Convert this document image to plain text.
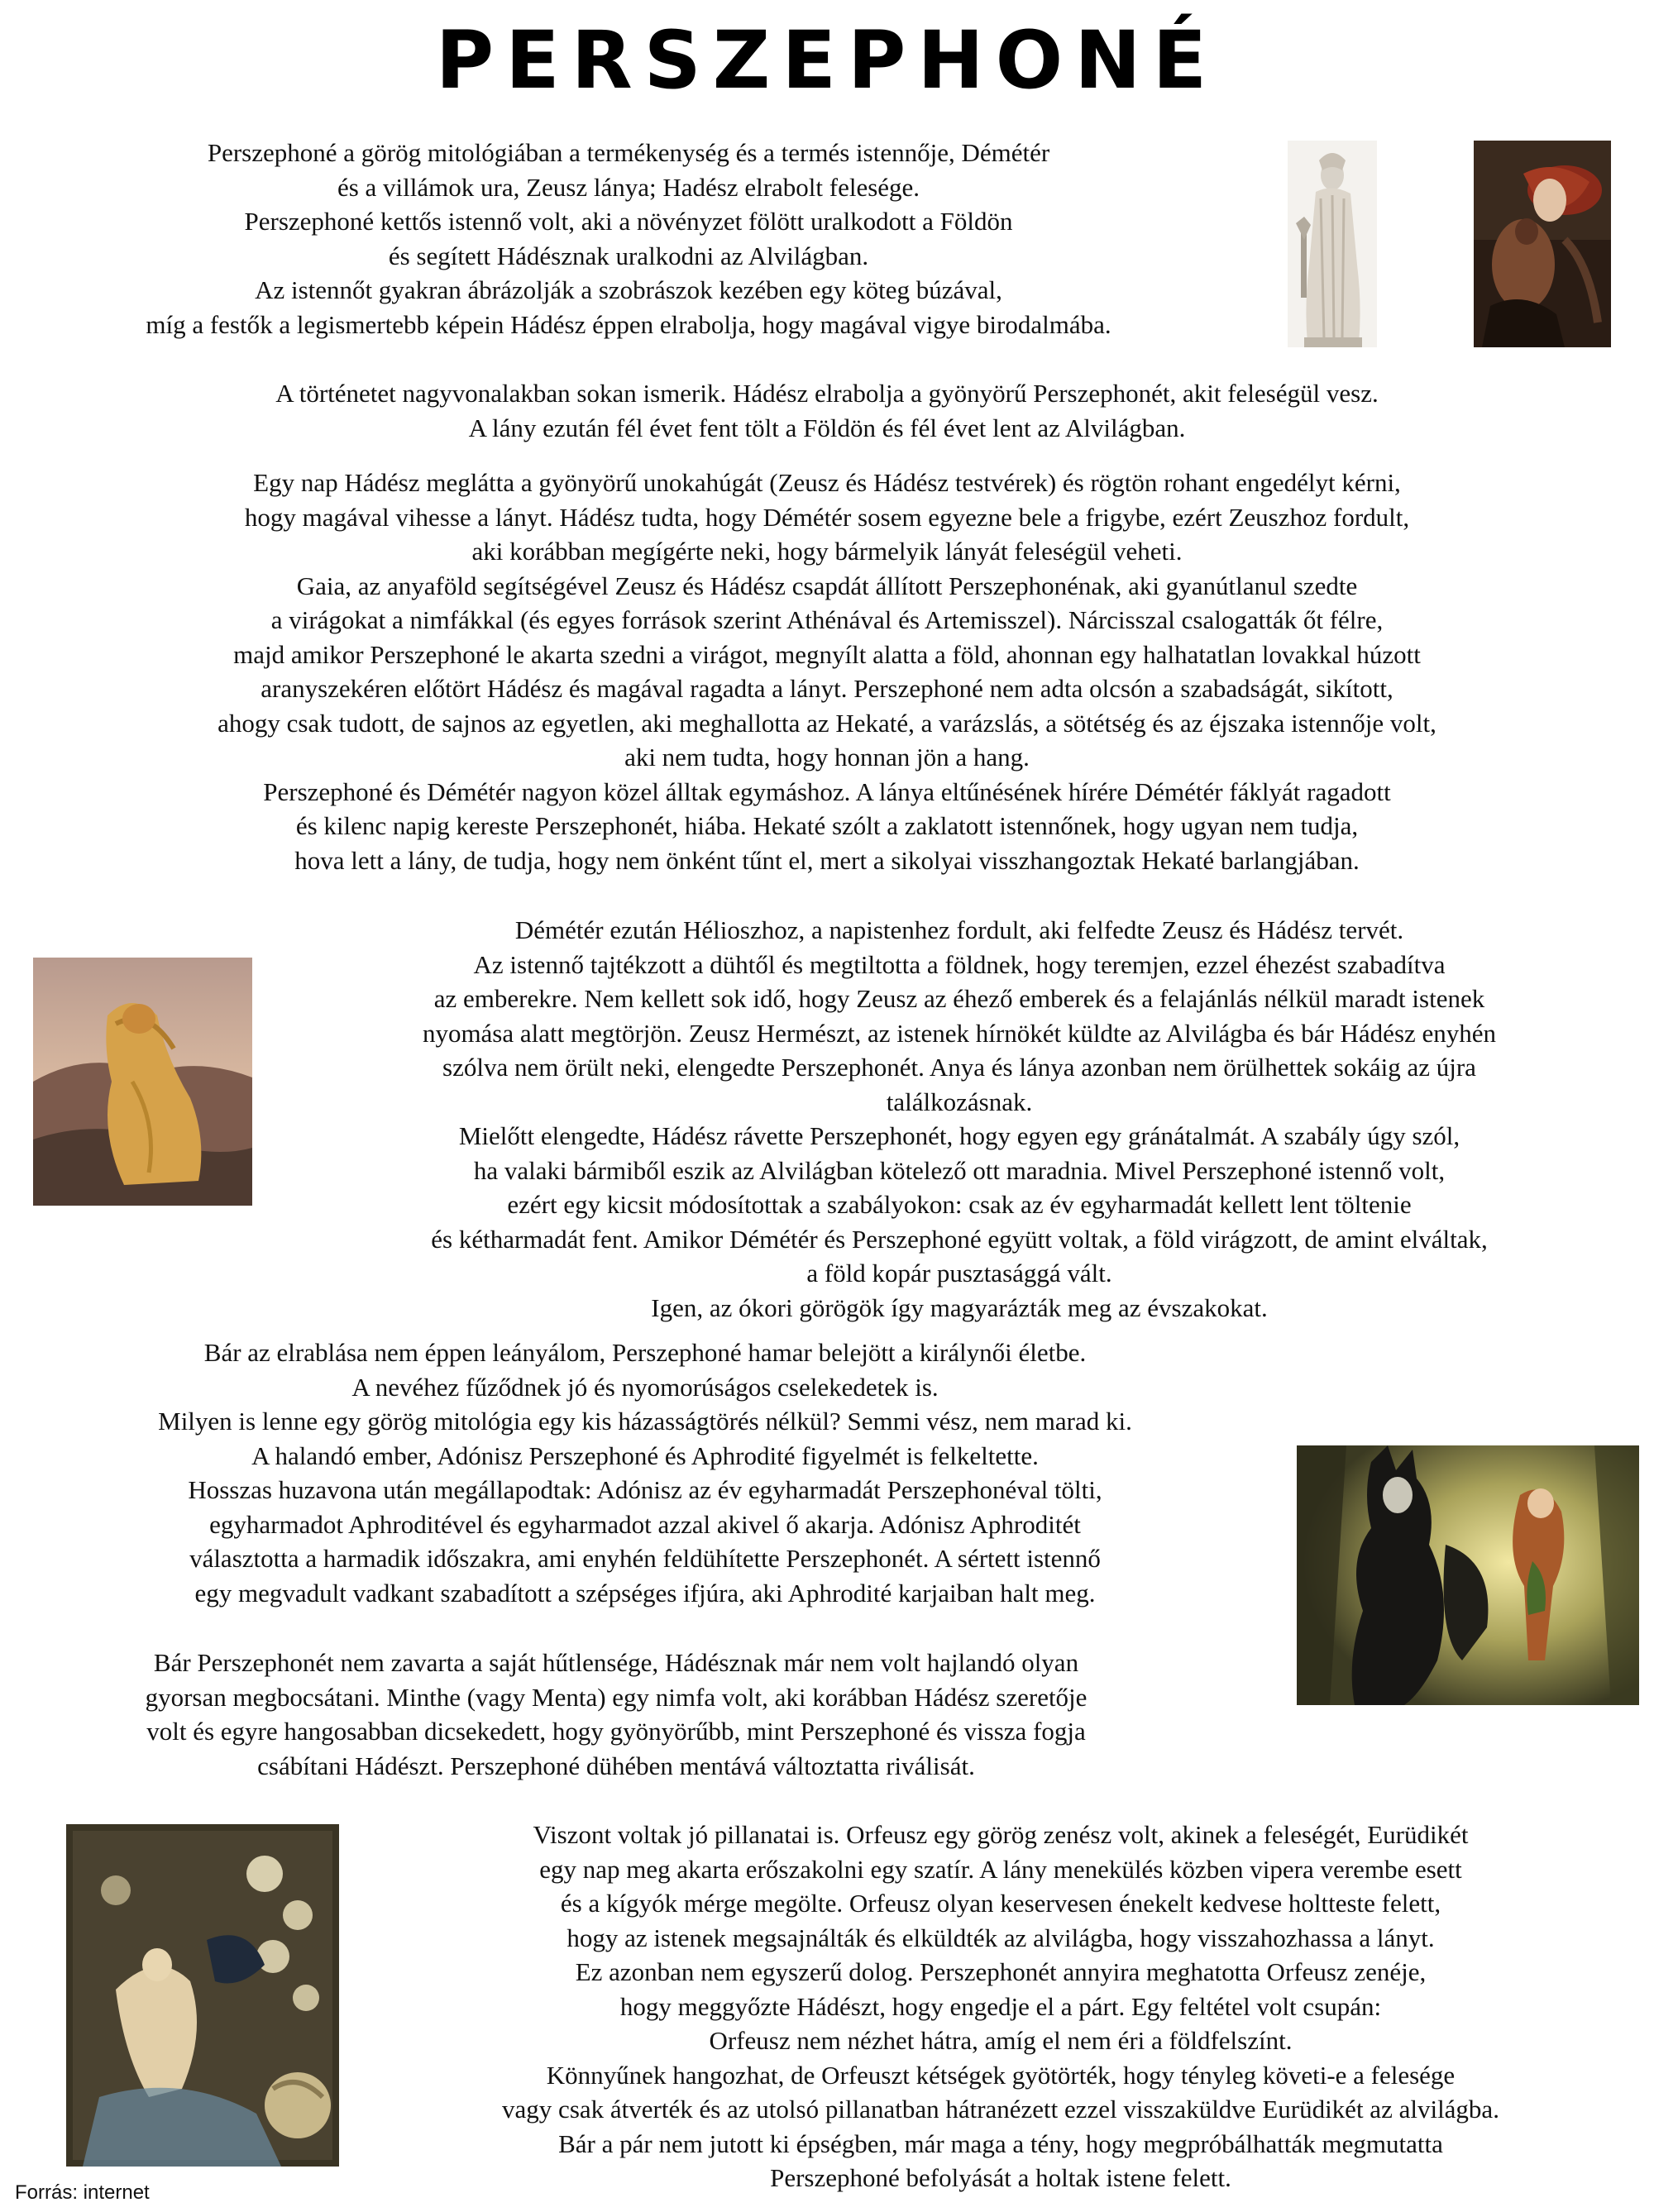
PERSZEPHONÉ
Perszephoné a görög mitológiában a termékenység és a termés istennője, Démétér
és a villámok ura, Zeusz lánya; Hadész elrabolt felesége.
Perszephoné kettős istennő volt, aki a növényzet fölött uralkodott a Földön
és segített Hádésznak uralkodni az Alvilágban.
Az istennőt gyakran ábrázolják a szobrászok kezében egy köteg búzával,
míg a festők a legismertebb képein Hádész éppen elrabolja, hogy magával vigye birodalmába.
A történetet nagyvonalakban sokan ismerik. Hádész elrabolja a gyönyörű Perszephonét, akit feleségül vesz.
A lány ezután fél évet fent tölt a Földön és fél évet lent az Alvilágban.
Egy nap Hádész meglátta a gyönyörű unokahúgát (Zeusz és Hádész testvérek) és rögtön rohant engedélyt kérni,
hogy magával vihesse a lányt. Hádész tudta, hogy Démétér sosem egyezne bele a frigybe, ezért Zeuszhoz fordult,
aki korábban megígérte neki, hogy bármelyik lányát feleségül veheti.
Gaia, az anyaföld segítségével Zeusz és Hádész csapdát állított Perszephonénak, aki gyanútlanul szedte
a virágokat a nimfákkal (és egyes források szerint Athénával és Artemisszel). Nárcisszal csalogatták őt félre,
majd amikor Perszephoné le akarta szedni a virágot, megnyílt alatta a föld, ahonnan egy halhatatlan lovakkal húzott
aranyszekéren előtört Hádész és magával ragadta a lányt. Perszephoné nem adta olcsón a szabadságát, sikított,
ahogy csak tudott, de sajnos az egyetlen, aki meghallotta az Hekaté, a varázslás, a sötétség és az éjszaka istennője volt,
aki nem tudta, hogy honnan jön a hang.
Perszephoné és Démétér nagyon közel álltak egymáshoz. A lánya eltűnésének hírére Démétér fáklyát ragadott
és kilenc napig kereste Perszephonét, hiába. Hekaté szólt a zaklatott istennőnek, hogy ugyan nem tudja,
hova lett a lány, de tudja, hogy nem önként tűnt el, mert a sikolyai visszhangoztak Hekaté barlangjában.
Démétér ezután Hélioszhoz, a napistenhez fordult, aki felfedte Zeusz és Hádész tervét.
Az istennő tajtékzott a dühtől és megtiltotta a földnek, hogy teremjen, ezzel éhezést szabadítva
az emberekre. Nem kellett sok idő, hogy Zeusz az éhező emberek és a felajánlás nélkül maradt istenek
nyomása alatt megtörjön. Zeusz Hermészt, az istenek hírnökét küldte az Alvilágba és bár Hádész enyhén
szólva nem örült neki, elengedte Perszephonét. Anya és lánya azonban nem örülhettek sokáig az újra
találkozásnak.
Mielőtt elengedte, Hádész rávette Perszephonét, hogy egyen egy gránátalmát. A szabály úgy szól,
ha valaki bármiből eszik az Alvilágban kötelező ott maradnia. Mivel Perszephoné istennő volt,
ezért egy kicsit módosítottak a szabályokon: csak az év egyharmadát kellett lent töltenie
és kétharmadát fent. Amikor Démétér és Perszephoné együtt voltak, a föld virágzott, de amint elváltak,
a föld kopár pusztasággá vált.
Igen, az ókori görögök így magyarázták meg az évszakokat.
Bár az elrablása nem éppen leányálom, Perszephoné hamar belejött a királynői életbe.
A nevéhez fűződnek jó és nyomorúságos cselekedetek is.
Milyen is lenne egy görög mitológia egy kis házasságtörés nélkül? Semmi vész, nem marad ki.
A halandó ember, Adónisz Perszephoné és Aphrodité figyelmét is felkeltette.
Hosszas huzavona után megállapodtak: Adónisz az év egyharmadát Perszephonéval tölti,
egyharmadot Aphroditével és egyharmadot azzal akivel ő akarja. Adónisz Aphroditét
választotta a harmadik időszakra, ami enyhén feldühítette Perszephonét. A sértett istennő
egy megvadult vadkant szabadított a szépséges ifjúra, aki Aphrodité karjaiban halt meg.
Bár Perszephonét nem zavarta a saját hűtlensége, Hádésznak már nem volt hajlandó olyan
gyorsan megbocsátani. Minthe (vagy Menta) egy nimfa volt, aki korábban Hádész szeretője
volt és egyre hangosabban dicsekedett, hogy gyönyörűbb, mint Perszephoné és vissza fogja
csábítani Hádészt. Perszephoné dühében mentává változtatta riválisát.
Viszont voltak jó pillanatai is. Orfeusz egy görög zenész volt, akinek a feleségét, Eurüdikét
egy nap meg akarta erőszakolni egy szatír. A lány menekülés közben vipera verembe esett
és a kígyók mérge megölte. Orfeusz olyan keservesen énekelt kedvese holtteste felett,
hogy az istenek megsajnálták és elküldték az alvilágba, hogy visszahozhassa a lányt.
Ez azonban nem egyszerű dolog. Perszephonét annyira meghatotta Orfeusz zenéje,
hogy meggyőzte Hádészt, hogy engedje el a párt. Egy feltétel volt csupán:
Orfeusz nem nézhet hátra, amíg el nem éri a földfelszínt.
Könnyűnek hangozhat, de Orfeuszt kétségek gyötörték, hogy tényleg követi-e a felesége
vagy csak átverték és az utolsó pillanatban hátranézett ezzel visszaküldve Eurüdikét az alvilágba.
Bár a pár nem jutott ki épségben, már maga a tény, hogy megpróbálhatták megmutatta
Perszephoné befolyását a holtak istene felett.
Forrás: internet
